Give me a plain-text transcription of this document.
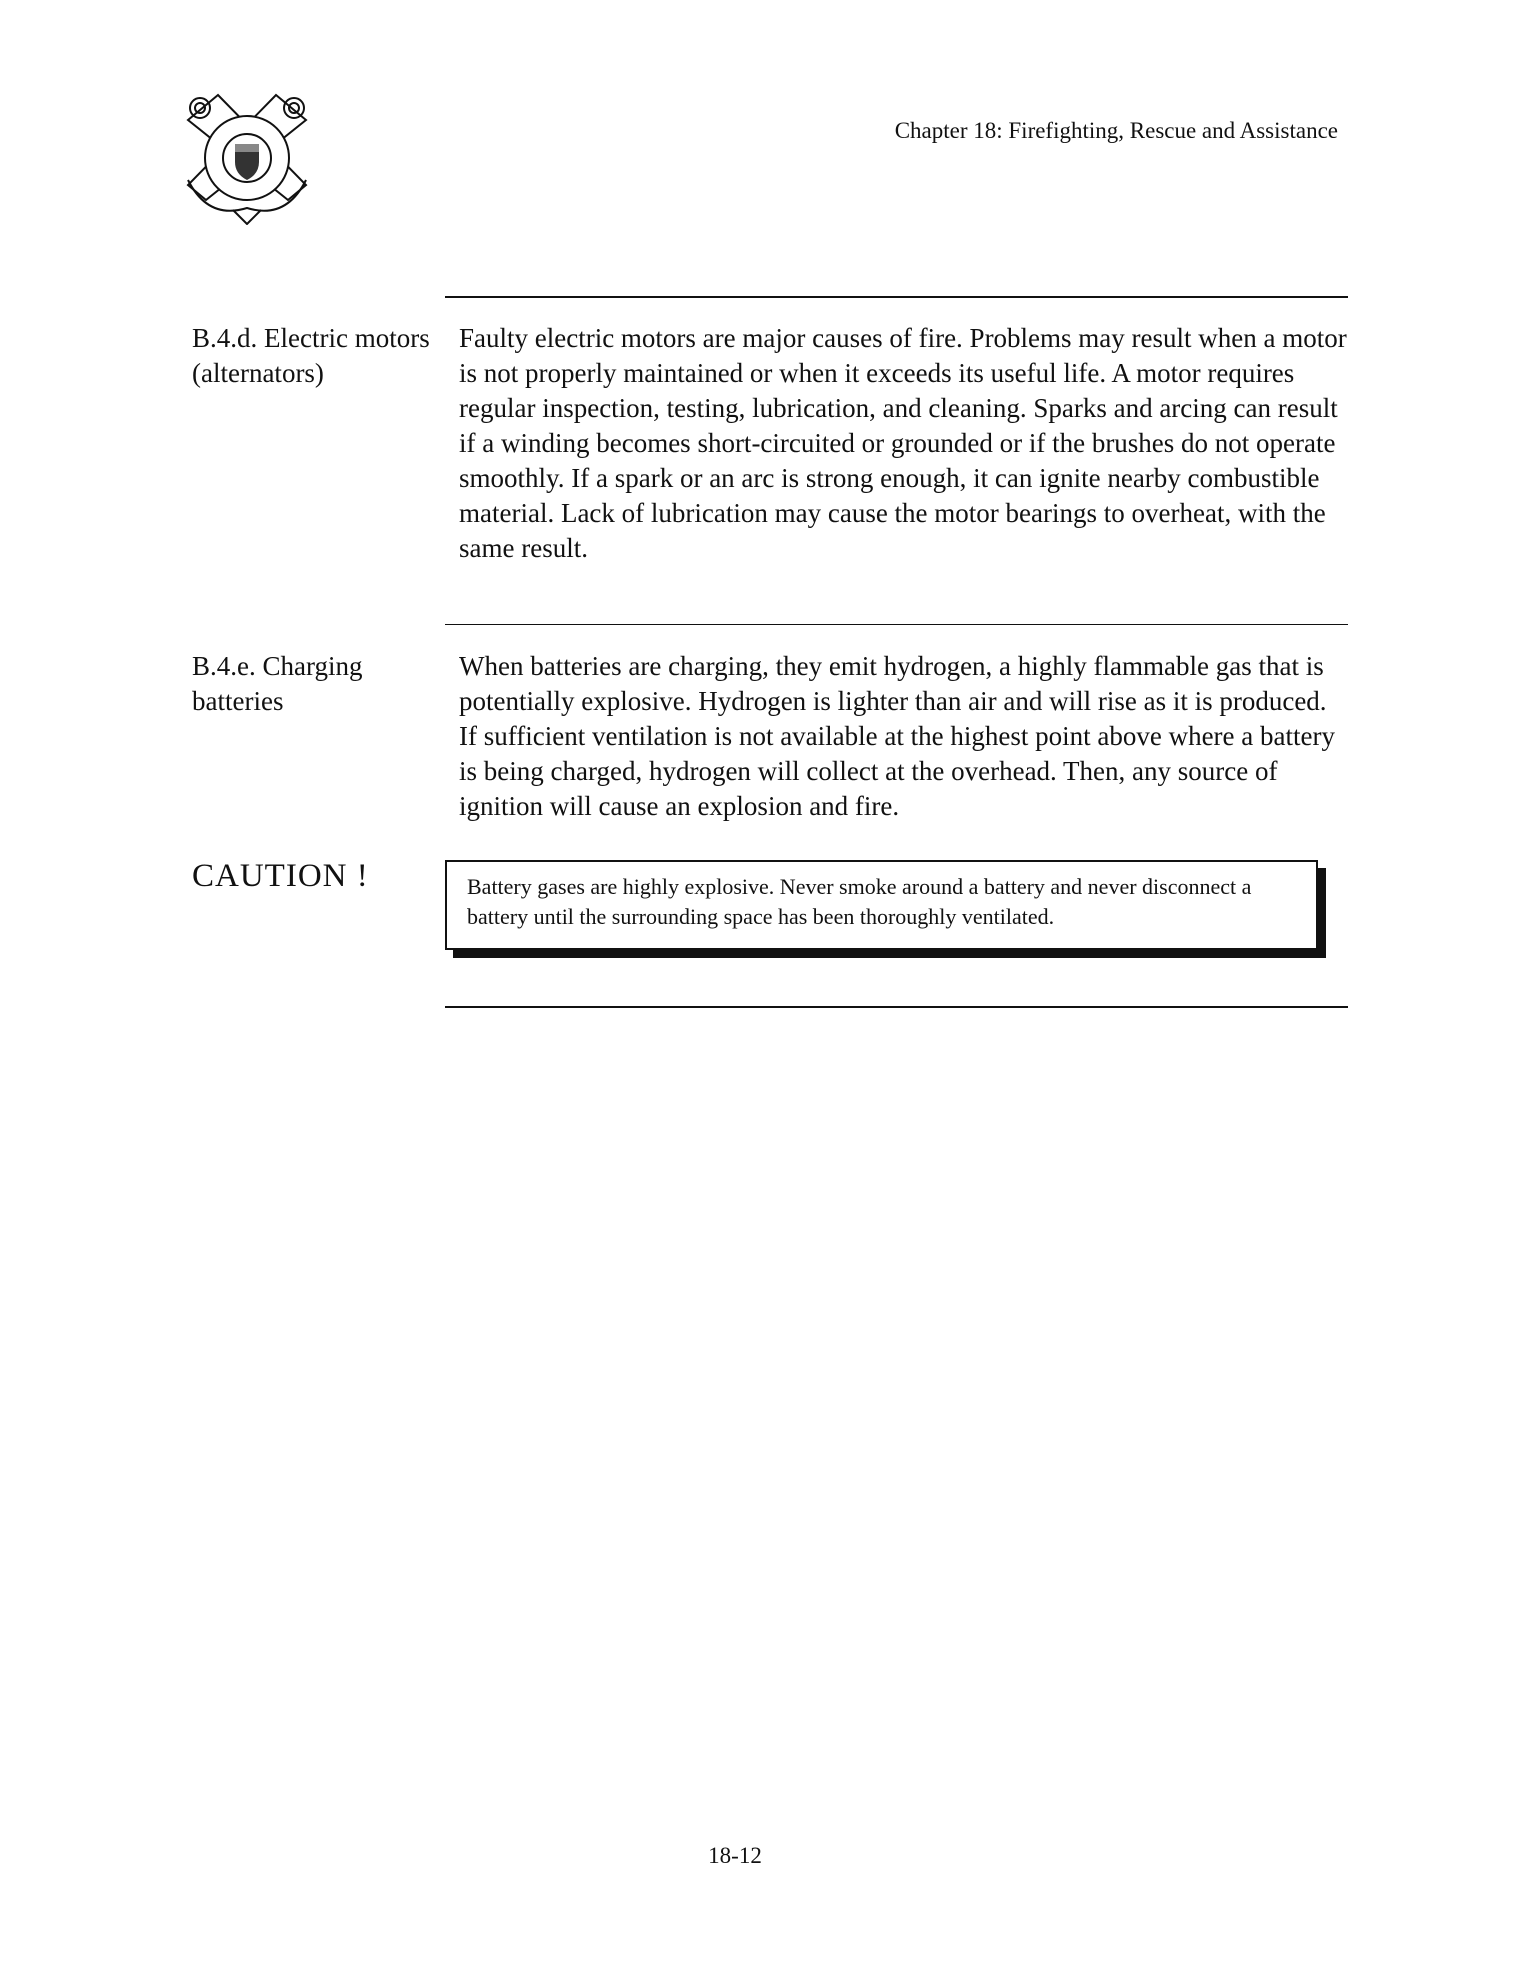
Chapter 18: Firefighting, Rescue and Assistance
B.4.d. Electric motors (alternators)
Faulty electric motors are major causes of fire. Problems may result when a motor is not properly maintained or when it exceeds its useful life. A motor requires regular inspection, testing, lubrication, and cleaning. Sparks and arcing can result if a winding becomes short-circuited or grounded or if the brushes do not operate smoothly. If a spark or an arc is strong enough, it can ignite nearby combustible material. Lack of lubrication may cause the motor bearings to overheat, with the same result.
B.4.e. Charging batteries
When batteries are charging, they emit hydrogen, a highly flammable gas that is potentially explosive. Hydrogen is lighter than air and will rise as it is produced. If sufficient ventilation is not available at the highest point above where a battery is being charged, hydrogen will collect at the overhead. Then, any source of ignition will cause an explosion and fire.
CAUTION !	Battery gases are highly explosive. Never smoke around a battery and never disconnect a battery until the surrounding space has been thoroughly ventilated.
18-12
